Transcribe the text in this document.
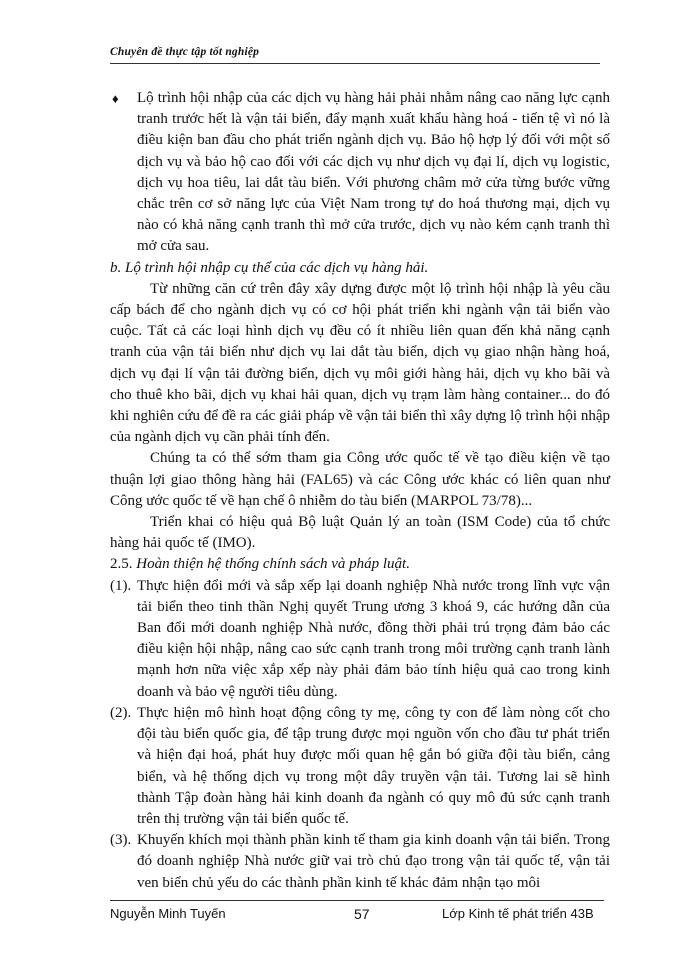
Chuyên đề thực tập tốt nghiệp

♦ Lộ trình hội nhập của các dịch vụ hàng hải phải nhằm nâng cao năng lực cạnh tranh trước hết là vận tải biển, đẩy mạnh xuất khẩu hàng hoá - tiến tệ vì nó là điều kiện ban đầu cho phát triển ngành dịch vụ. Bảo hộ hợp lý đối với một số dịch vụ và bảo hộ cao đối với các dịch vụ như dịch vụ đại lí, dịch vụ logistic, dịch vụ hoa tiêu, lai dắt tàu biển. Với phương châm mở cửa từng bước vững chắc trên cơ sở năng lực của Việt Nam trong tự do hoá thương mại, dịch vụ nào có khả năng cạnh tranh thì mở cửa trước, dịch vụ nào kém cạnh tranh thì mở cửa sau.

b. Lộ trình hội nhập cụ thể của các dịch vụ hàng hải.

Từ những căn cứ trên đây xây dựng được một lộ trình hội nhập là yêu cầu cấp bách để cho ngành dịch vụ có cơ hội phát triển khi ngành vận tải biển vào cuộc. Tất cả các loại hình dịch vụ đều có ít nhiều liên quan đến khả năng cạnh tranh của vận tải biển như dịch vụ lai dắt tàu biển, dịch vụ giao nhận hàng hoá, dịch vụ đại lí vận tải đường biển, dịch vụ môi giới hàng hải, dịch vụ kho bãi và cho thuê kho bãi, dịch vụ khai hải quan, dịch vụ trạm làm hàng container... do đó khi nghiên cứu để đề ra các giải pháp về vận tải biển thì xây dựng lộ trình hội nhập của ngành dịch vụ cần phải tính đến.

Chúng ta có thể sớm tham gia Công ước quốc tế về tạo điều kiện về tạo thuận lợi giao thông hàng hải (FAL65) và các Công ước khác có liên quan như Công ước quốc tế về hạn chế ô nhiễm do tàu biển (MARPOL 73/78)...

Triển khai có hiệu quả Bộ luật Quản lý an toàn (ISM Code) của tổ chức hàng hải quốc tế (IMO).

2.5. Hoàn thiện hệ thống chính sách và pháp luật.

(1). Thực hiện đổi mới và sắp xếp lại doanh nghiệp Nhà nước trong lĩnh vực vận tải biển theo tinh thần Nghị quyết Trung ương 3 khoá 9, các hướng dẫn của Ban đổi mới doanh nghiệp Nhà nước, đồng thời phải trú trọng đảm bảo các điều kiện hội nhập, nâng cao sức cạnh tranh trong môi trường cạnh tranh lành mạnh hơn nữa việc xắp xếp này phải đảm bảo tính hiệu quả cao trong kinh doanh và bảo vệ người tiêu dùng.

(2). Thực hiện mô hình hoạt động công ty mẹ, công ty con để làm nòng cốt cho đội tàu biển quốc gia, để tập trung được mọi nguồn vốn cho đầu tư phát triển và hiện đại hoá, phát huy được mối quan hệ gắn bó giữa đội tàu biển, cảng biển, và hệ thống dịch vụ trong một dây truyền vận tải. Tương lai sẽ hình thành Tập đoàn hàng hải kinh doanh đa ngành có quy mô đủ sức cạnh tranh trên thị trường vận tải biển quốc tế.

(3). Khuyến khích mọi thành phần kinh tế tham gia kinh doanh vận tải biển. Trong đó doanh nghiệp Nhà nước giữ vai trò chủ đạo trong vận tải quốc tế, vận tải ven biển chủ yếu do các thành phần kinh tế khác đảm nhận tạo môi

Nguyễn Minh Tuyến	57	Lớp Kinh tế phát triển 43B
